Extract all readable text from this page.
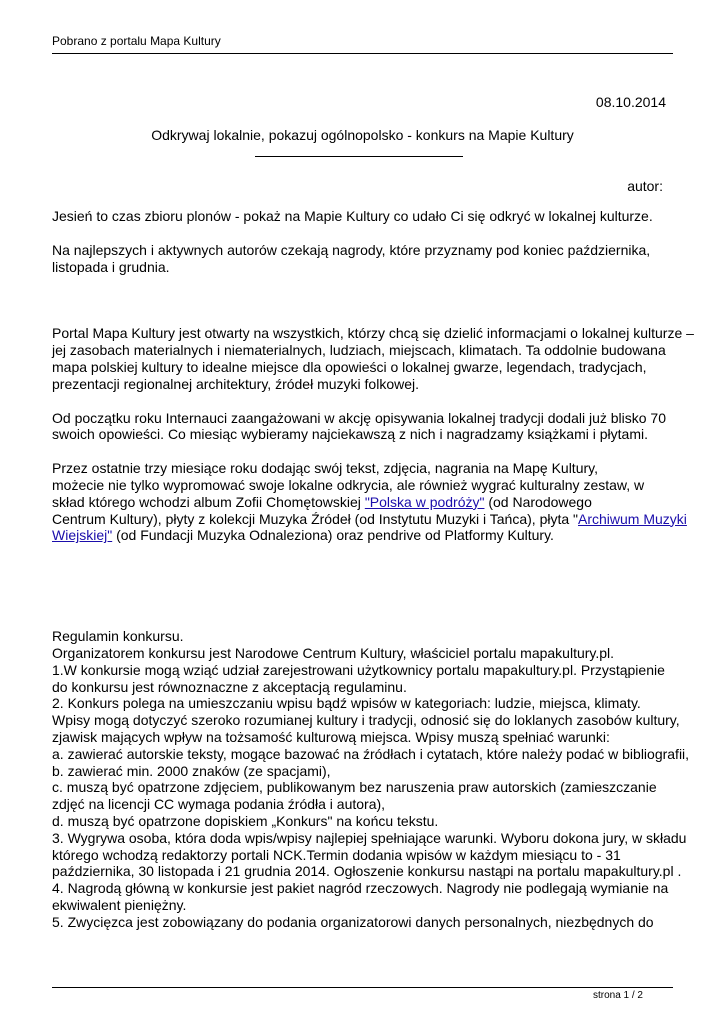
Pobrano z portalu Mapa Kultury
08.10.2014
Odkrywaj lokalnie, pokazuj ogólnopolsko - konkurs na Mapie Kultury
autor:

Jesień to czas zbioru plonów - pokaż na Mapie Kultury co udało Ci się odkryć w lokalnej kulturze.

Na najlepszych i aktywnych autorów czekają nagrody, które przyznamy pod koniec października,
listopada i grudnia.

Portal Mapa Kultury jest otwarty na wszystkich, którzy chcą się dzielić informacjami o lokalnej kulturze –
jej zasobach materialnych i niematerialnych, ludziach, miejscach, klimatach. Ta oddolnie budowana
mapa polskiej kultury to idealne miejsce dla opowieści o lokalnej gwarze, legendach, tradycjach,
prezentacji regionalnej architektury, źródeł muzyki folkowej.

Od początku roku Internauci zaangażowani w akcję opisywania lokalnej tradycji dodali już blisko 70
swoich opowieści. Co miesiąc wybieramy najciekawszą z nich i nagradzamy książkami i płytami.

Przez ostatnie trzy miesiące roku dodając swój tekst, zdjęcia, nagrania na Mapę Kultury,
możecie nie tylko wypromować swoje lokalne odkrycia, ale również wygrać kulturalny zestaw, w
skład którego wchodzi album Zofii Chomętowskiej "Polska w podróży" (od Narodowego
Centrum Kultury), płyty z kolekcji Muzyka Źródeł (od Instytutu Muzyki i Tańca), płyta "Archiwum Muzyki
Wiejskiej" (od Fundacji Muzyka Odnaleziona) oraz pendrive od Platformy Kultury.

Regulamin konkursu.
Organizatorem konkursu jest Narodowe Centrum Kultury, właściciel portalu mapakultury.pl.
1.W konkursie mogą wziąć udział zarejestrowani użytkownicy portalu mapakultury.pl. Przystąpienie
do konkursu jest równoznaczne z akceptacją regulaminu.
2. Konkurs polega na umieszczaniu wpisu bądź wpisów w kategoriach: ludzie, miejsca, klimaty.
Wpisy mogą dotyczyć szeroko rozumianej kultury i tradycji, odnosić się do loklanych zasobów kultury,
zjawisk mających wpływ na tożsamość kulturową miejsca. Wpisy muszą spełniać warunki:
a. zawierać autorskie teksty, mogące bazować na źródłach i cytatach, które należy podać w bibliografii,
b. zawierać min. 2000 znaków (ze spacjami),
c. muszą być opatrzone zdjęciem, publikowanym bez naruszenia praw autorskich (zamieszczanie
zdjęć na licencji CC wymaga podania źródła i autora),
d. muszą być opatrzone dopiskiem „Konkurs" na końcu tekstu.
3. Wygrywa osoba, która doda wpis/wpisy najlepiej spełniające warunki. Wyboru dokona jury, w składu
którego wchodzą redaktorzy portali NCK.Termin dodania wpisów w każdym miesiącu to - 31
października, 30 listopada i 21 grudnia 2014. Ogłoszenie konkursu nastąpi na portalu mapakultury.pl .
4. Nagrodą główną w konkursie jest pakiet nagród rzeczowych. Nagrody nie podlegają wymianie na
ekwiwalent pieniężny.
5. Zwycięzca jest zobowiązany do podania organizatorowi danych personalnych, niezbędnych do

strona 1 / 2
